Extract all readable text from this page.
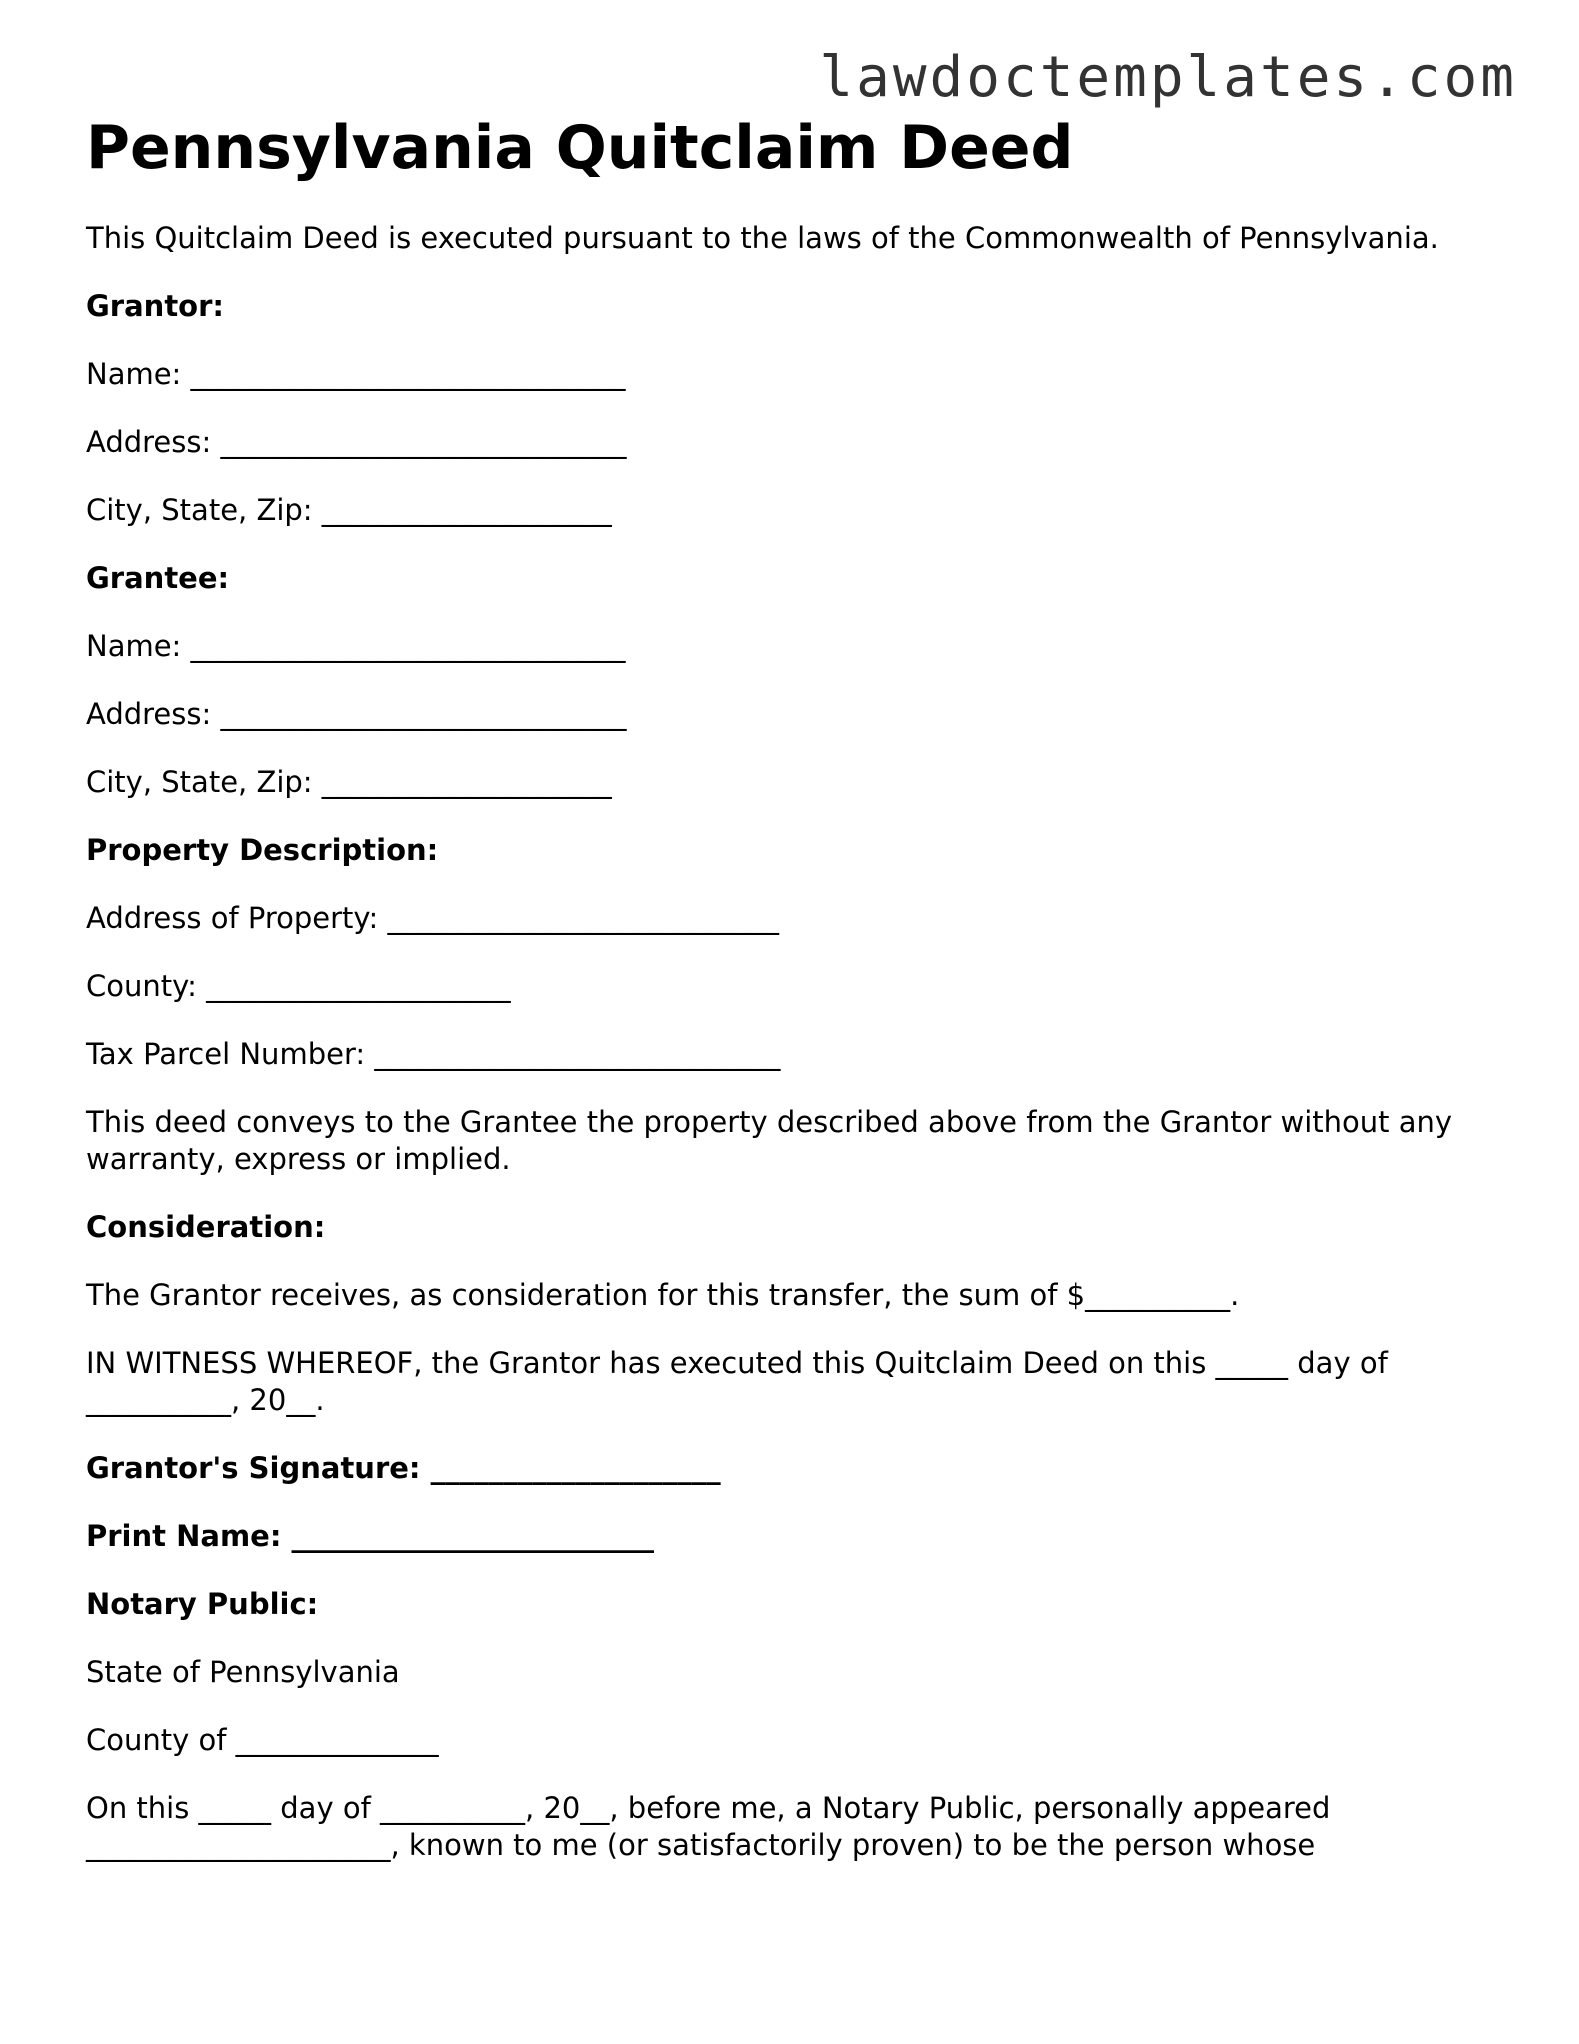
lawdoctemplates.com
Pennsylvania Quitclaim Deed

This Quitclaim Deed is executed pursuant to the laws of the Commonwealth of Pennsylvania.

Grantor:

Name: ______________________________

Address: ____________________________

City, State, Zip: ____________________

Grantee:

Name: ______________________________

Address: ____________________________

City, State, Zip: ____________________

Property Description:

Address of Property: ___________________________

County: _____________________

Tax Parcel Number: ____________________________

This deed conveys to the Grantee the property described above from the Grantor without any warranty, express or implied.

Consideration:

The Grantor receives, as consideration for this transfer, the sum of $__________.

IN WITNESS WHEREOF, the Grantor has executed this Quitclaim Deed on this _____ day of __________, 20__.

Grantor's Signature: ____________________

Print Name: _________________________

Notary Public:

State of Pennsylvania

County of ______________

On this _____ day of __________, 20__, before me, a Notary Public, personally appeared _____________________, known to me (or satisfactorily proven) to be the person whose
